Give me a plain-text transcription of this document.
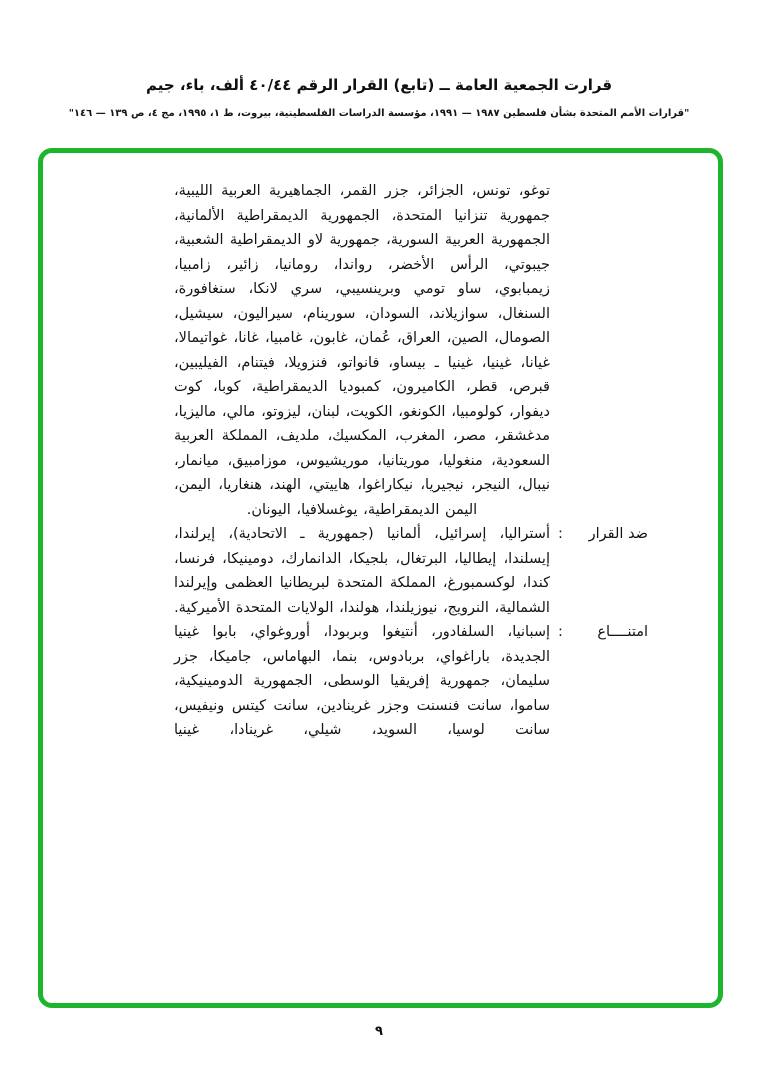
قرارت الجمعية العامة ــ (تابع) القرار الرقم ٤٠/٤٤ ألف، باء، جيم
"قرارات الأمم المتحدة بشأن فلسطين ١٩٨٧ — ١٩٩١، مؤسسة الدراسات الفلسطينية، بيروت، ط ١، ١٩٩٥، مج ٤، ص ١٣٩ — ١٤٦"
توغو، تونس، الجزائر، جزر القمر، الجماهيرية العربية الليبية، جمهورية تنزانيا المتحدة، الجمهورية الديمقراطية الألمانية، الجمهورية العربية السورية، جمهورية لاو الديمقراطية الشعبية، جيبوتي، الرأس الأخضر، رواندا، رومانيا، زائير، زامبيا، زيمبابوي، ساو تومي وبرينسيبي، سري لانكا، سنغافورة، السنغال، سوازيلاند، السودان، سورينام، سيراليون، سيشيل، الصومال، الصين، العراق، عُمان، غابون، غامبيا، غانا، غواتيمالا، غيانا، غينيا، غينيا ـ بيساو، فانواتو، فنزويلا، فيتنام، الفيليبين، قبرص، قطر، الكاميرون، كمبوديا الديمقراطية، كوبا، كوت ديفوار، كولومبيا، الكونغو، الكويت، لبنان، ليزوتو، مالي، ماليزيا، مدغشقر، مصر، المغرب، المكسيك، ملديف، المملكة العربية السعودية، منغوليا، موريتانيا، موريشيوس، موزامبيق، ميانمار، نيبال، النيجر، نيجيريا، نيكاراغوا، هاييتي، الهند، هنغاريا، اليمن، اليمن الديمقراطية، يوغسلافيا، اليونان.
ضد القرار
:
أستراليا، إسرائيل، ألمانيا (جمهورية ـ الاتحادية)، إيرلندا، إيسلندا، إيطاليا، البرتغال، بلجيكا، الدانمارك، دومينيكا، فرنسا، كندا، لوكسمبورغ، المملكة المتحدة لبريطانيا العظمى وإيرلندا الشمالية، النرويج، نيوزيلندا، هولندا، الولايات المتحدة الأميركية.
امتنــــاع
:
إسبانيا، السلفادور، أنتيغوا وبربودا، أوروغواي، بابوا غينيا الجديدة، باراغواي، بربادوس، بنما، البهاماس، جاميكا، جزر سليمان، جمهورية إفريقيا الوسطى، الجمهورية الدومينيكية، ساموا، سانت فنسنت وجزر غرينادين، سانت كيتس ونيفيس، سانت لوسيا، السويد، شيلي، غرينادا، غينيا
٩
